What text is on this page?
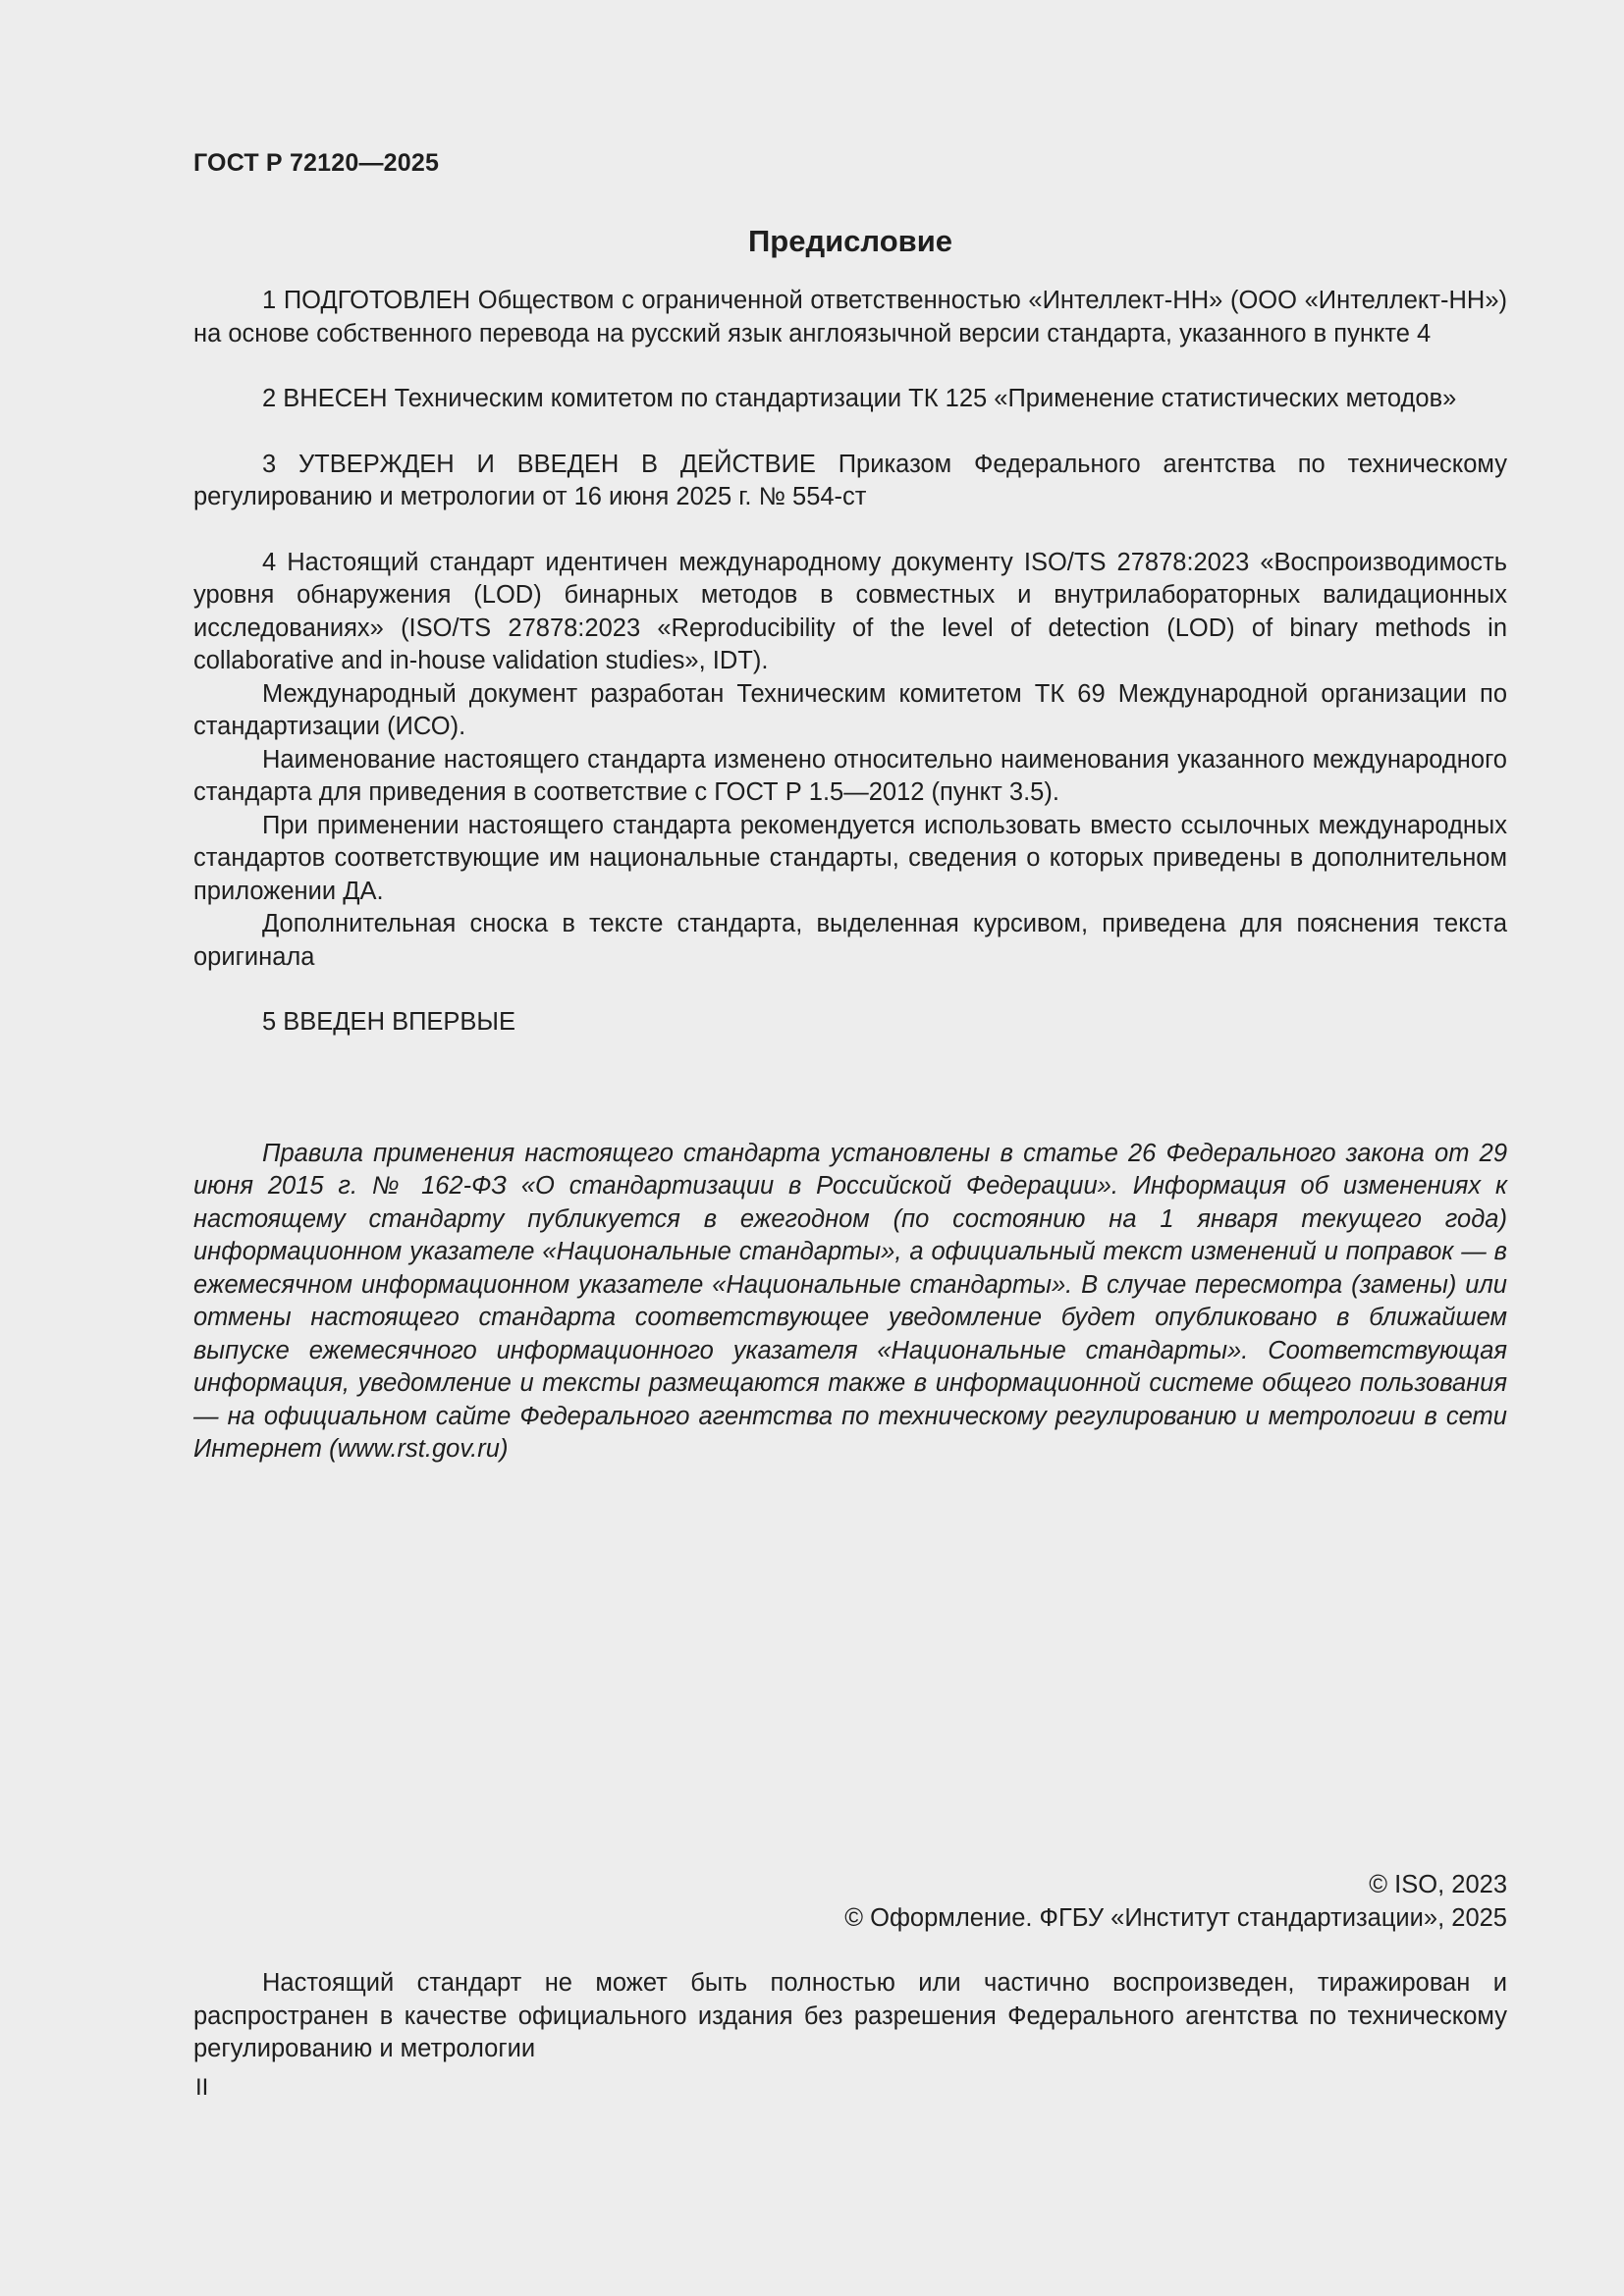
ГОСТ Р 72120—2025
Предисловие

1 ПОДГОТОВЛЕН Обществом с ограниченной ответственностью «Интеллект-НН» (ООО «Интеллект-НН») на основе собственного перевода на русский язык англоязычной версии стандарта, указанного в пункте 4

2 ВНЕСЕН Техническим комитетом по стандартизации ТК 125 «Применение статистических методов»

3 УТВЕРЖДЕН И ВВЕДЕН В ДЕЙСТВИЕ Приказом Федерального агентства по техническому регулированию и метрологии от 16 июня 2025 г. № 554-ст

4 Настоящий стандарт идентичен международному документу ISO/TS 27878:2023 «Воспроизводимость уровня обнаружения (LOD) бинарных методов в совместных и внутрилабораторных валидационных исследованиях» (ISO/TS 27878:2023 «Reproducibility of the level of detection (LOD) of binary methods in collaborative and in-house validation studies», IDT).

Международный документ разработан Техническим комитетом ТК 69 Международной организации по стандартизации (ИСО).

Наименование настоящего стандарта изменено относительно наименования указанного международного стандарта для приведения в соответствие с ГОСТ Р 1.5—2012 (пункт 3.5).

При применении настоящего стандарта рекомендуется использовать вместо ссылочных международных стандартов соответствующие им национальные стандарты, сведения о которых приведены в дополнительном приложении ДА.

Дополнительная сноска в тексте стандарта, выделенная курсивом, приведена для пояснения текста оригинала

5 ВВЕДЕН ВПЕРВЫЕ

Правила применения настоящего стандарта установлены в статье 26 Федерального закона от 29 июня 2015 г. № 162-ФЗ «О стандартизации в Российской Федерации». Информация об изменениях к настоящему стандарту публикуется в ежегодном (по состоянию на 1 января текущего года) информационном указателе «Национальные стандарты», а официальный текст изменений и поправок — в ежемесячном информационном указателе «Национальные стандарты». В случае пересмотра (замены) или отмены настоящего стандарта соответствующее уведомление будет опубликовано в ближайшем выпуске ежемесячного информационного указателя «Национальные стандарты». Соответствующая информация, уведомление и тексты размещаются также в информационной системе общего пользования — на официальном сайте Федерального агентства по техническому регулированию и метрологии в сети Интернет (www.rst.gov.ru)

© ISO, 2023
© Оформление. ФГБУ «Институт стандартизации», 2025

Настоящий стандарт не может быть полностью или частично воспроизведен, тиражирован и распространен в качестве официального издания без разрешения Федерального агентства по техническому регулированию и метрологии

II
